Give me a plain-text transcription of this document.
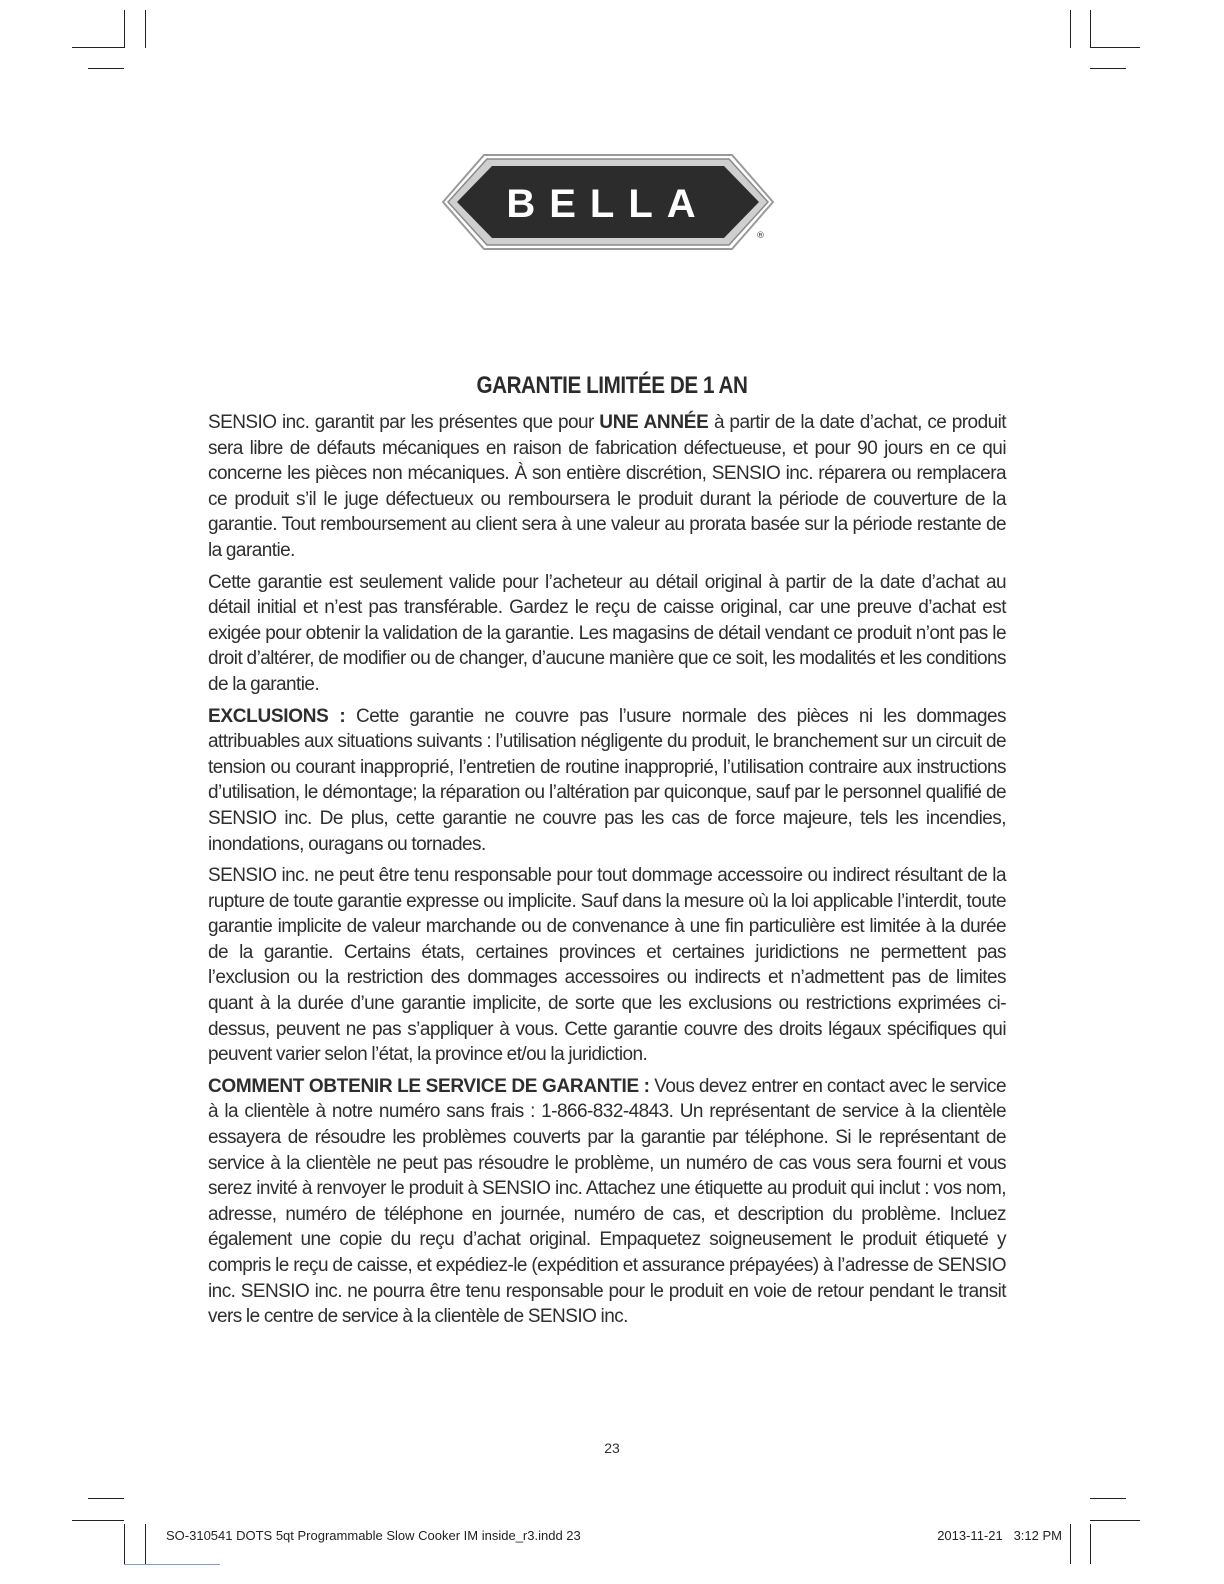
BELLA
®
GARANTIE LIMITÉE DE 1 AN

SENSIO inc. garantit par les présentes que pour UNE ANNÉE à partir de la date d’achat, ce produit sera libre de défauts mécaniques en raison de fabrication défectueuse, et pour 90 jours en ce qui concerne les pièces non mécaniques. À son entière discrétion, SENSIO inc. réparera ou remplacera ce produit s’il le juge défectueux ou remboursera le produit durant la période de couverture de la garantie. Tout remboursement au client sera à une valeur au prorata basée sur la période restante de la garantie.

Cette garantie est seulement valide pour l’acheteur au détail original à partir de la date d’achat au détail initial et n’est pas transférable. Gardez le reçu de caisse original, car une preuve d’achat est exigée pour obtenir la validation de la garantie. Les magasins de détail vendant ce produit n’ont pas le droit d’altérer, de modifier ou de changer, d’aucune manière que ce soit, les modalités et les conditions de la garantie.

EXCLUSIONS : Cette garantie ne couvre pas l’usure normale des pièces ni les dommages attribuables aux situations suivants : l’utilisation négligente du produit, le branchement sur un circuit de tension ou courant inapproprié, l’entretien de routine inapproprié, l’utilisation contraire aux instructions d’utilisation, le démontage; la réparation ou l’altération par quiconque, sauf par le personnel qualifié de SENSIO inc. De plus, cette garantie ne couvre pas les cas de force majeure, tels les incendies, inondations, ouragans ou tornades.

SENSIO inc. ne peut être tenu responsable pour tout dommage accessoire ou indirect résultant de la rupture de toute garantie expresse ou implicite. Sauf dans la mesure où la loi applicable l’interdit, toute garantie implicite de valeur marchande ou de convenance à une fin particulière est limitée à la durée de la garantie. Certains états, certaines provinces et certaines juridictions ne permettent pas l’exclusion ou la restriction des dommages accessoires ou indirects et n’admettent pas de limites quant à la durée d’une garantie implicite, de sorte que les exclusions ou restrictions exprimées ci-dessus, peuvent ne pas s’appliquer à vous. Cette garantie couvre des droits légaux spécifiques qui peuvent varier selon l’état, la province et/ou la juridiction.

COMMENT OBTENIR LE SERVICE DE GARANTIE : Vous devez entrer en contact avec le service à la clientèle à notre numéro sans frais : 1-866-832-4843. Un représentant de service à la clientèle essayera de résoudre les problèmes couverts par la garantie par téléphone. Si le représentant de service à la clientèle ne peut pas résoudre le problème, un numéro de cas vous sera fourni et vous serez invité à renvoyer le produit à SENSIO inc. Attachez une étiquette au produit qui inclut : vos nom, adresse, numéro de téléphone en journée, numéro de cas, et description du problème. Incluez également une copie du reçu d’achat original. Empaquetez soigneusement le produit étiqueté y compris le reçu de caisse, et expédiez-le (expédition et assurance prépayées) à l’adresse de SENSIO inc. SENSIO inc. ne pourra être tenu responsable pour le produit en voie de retour pendant le transit vers le centre de service à la clientèle de SENSIO inc.

23
SO-310541 DOTS 5qt Programmable Slow Cooker IM inside_r3.indd 23	2013-11-21 3:12 PM
